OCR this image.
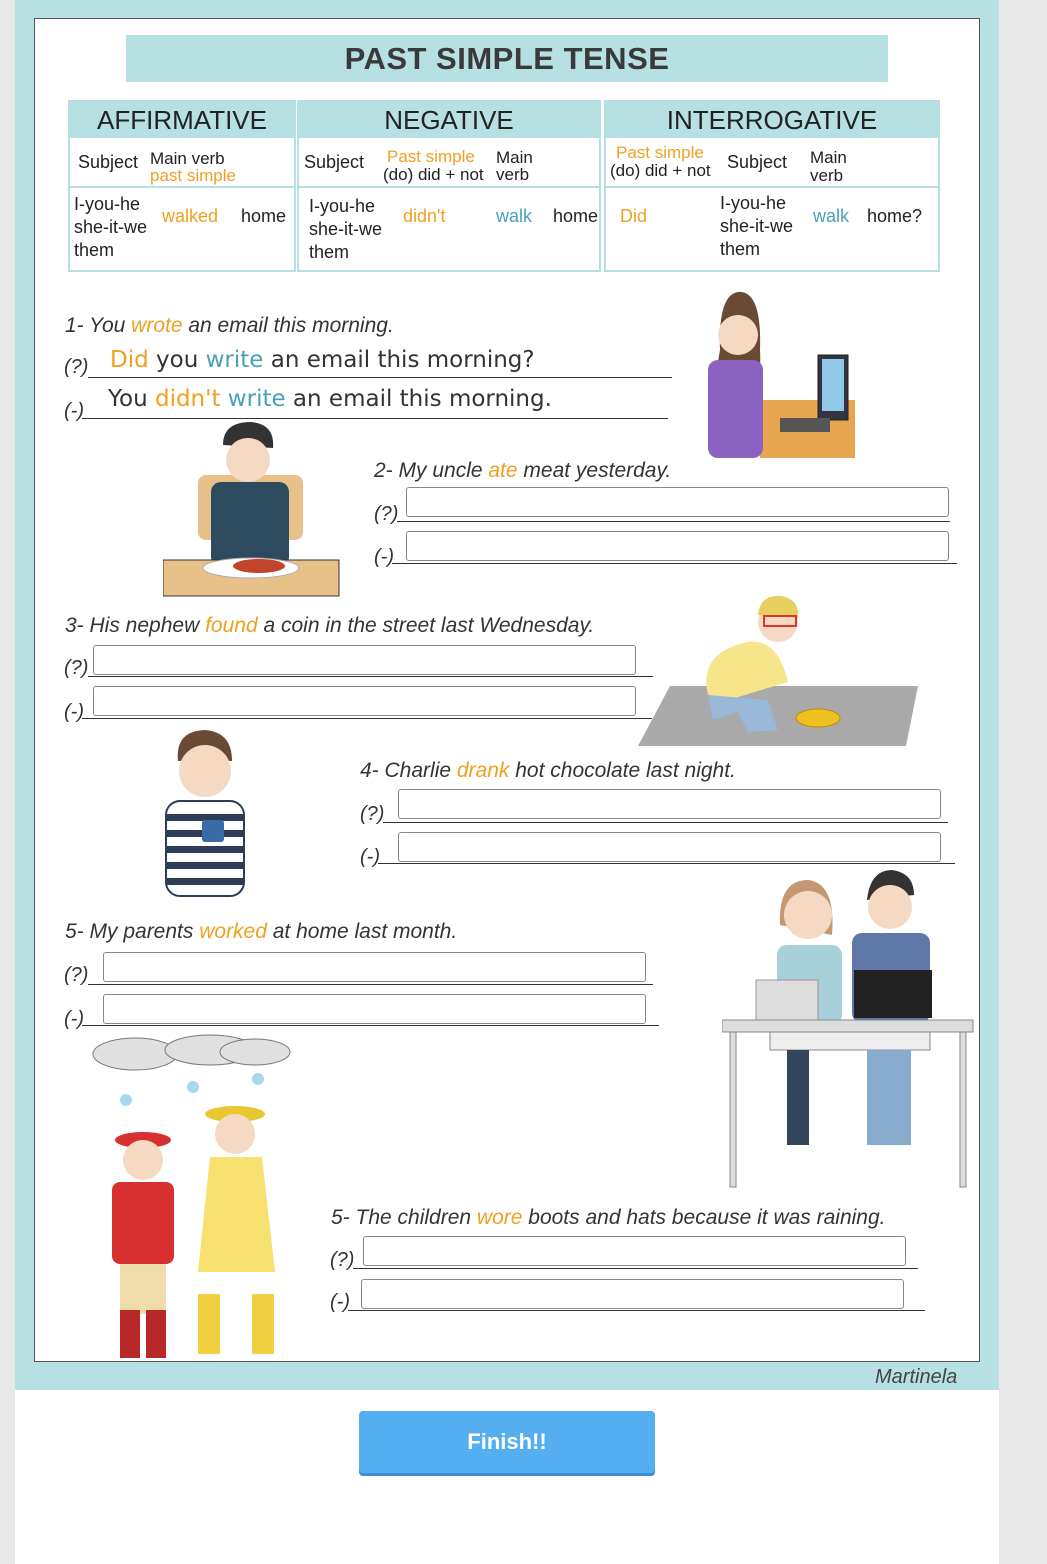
PAST SIMPLE TENSE
AFFIRMATIVE
Subject Main verb
past simple
I-you-he
she-it-we
them
walked home
NEGATIVE
Subject Past simple
(do) did + not
Main
verb
I-you-he
she-it-we
them
didn't	walk home
INTERROGATIVE
Past simple
(do) did + not Subject Main
verb
Did
I-you-he
she-it-we
them
walk home?
1- You wrote an email this morning.
(?) Did you write an email this morning?
(-) You didn't write an email this morning.
2- My uncle ate meat yesterday.
(?)
(-)
3- His nephew found a coin in the street last Wednesday.
(?)
(-)
4- Charlie drank hot chocolate last night.
(?)
(-)
5- My parents worked at home last month.
(?)
(-)
5- The children wore boots and hats because it was raining.
(?)
(-)
Martinela
Finish!!
